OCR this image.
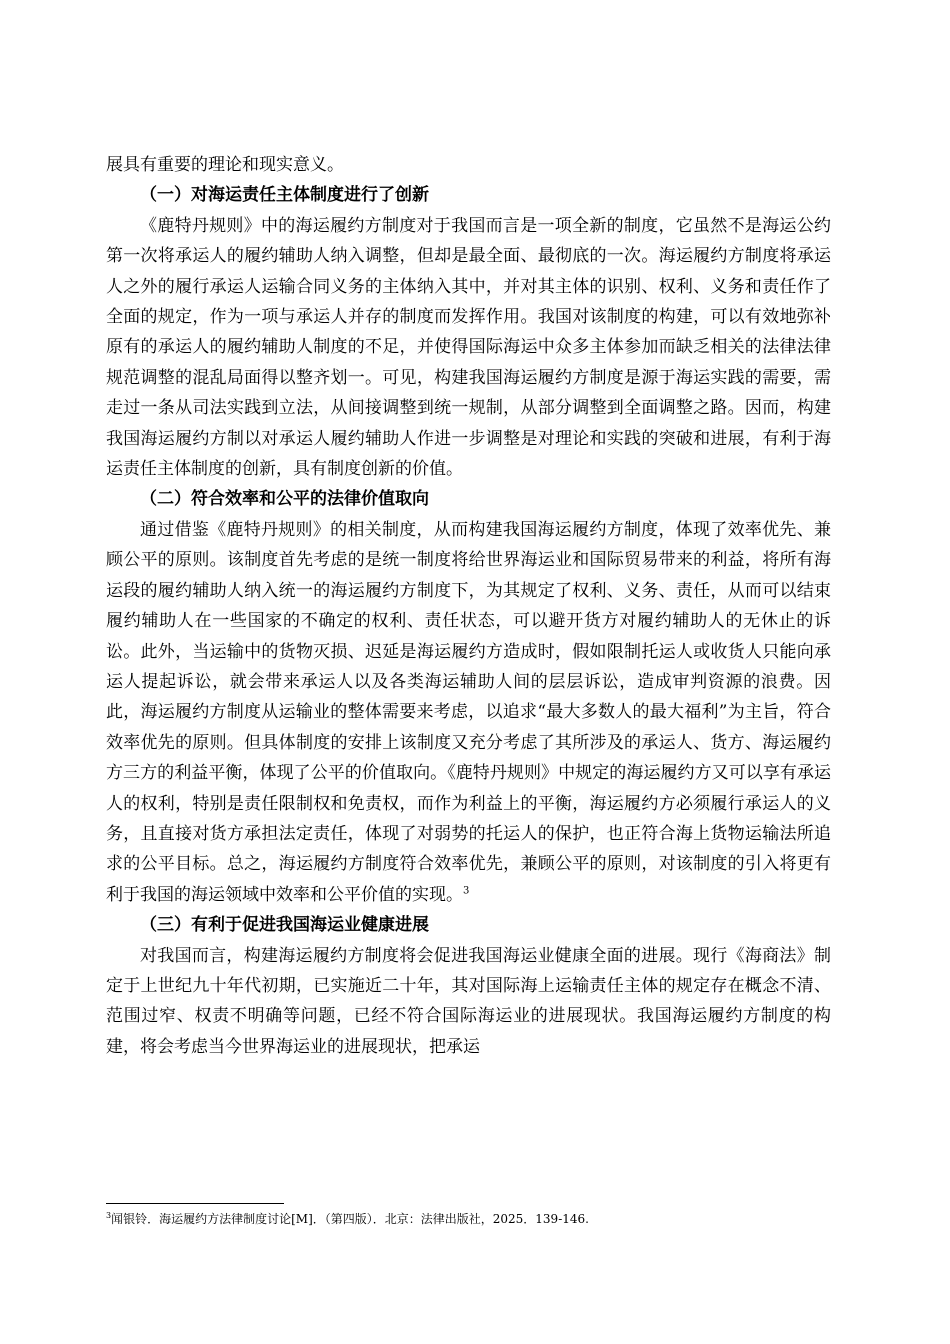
展具有重要的理论和现实意义。

（一）对海运责任主体制度进行了创新

《鹿特丹规则》中的海运履约方制度对于我国而言是一项全新的制度，它虽然不是海运公约第一次将承运人的履约辅助人纳入调整，但却是最全面、最彻底的一次。海运履约方制度将承运人之外的履行承运人运输合同义务的主体纳入其中，并对其主体的识别、权利、义务和责任作了全面的规定，作为一项与承运人并存的制度而发挥作用。我国对该制度的构建，可以有效地弥补原有的承运人的履约辅助人制度的不足，并使得国际海运中众多主体参加而缺乏相关的法律法律规范调整的混乱局面得以整齐划一。可见，构建我国海运履约方制度是源于海运实践的需要，需走过一条从司法实践到立法，从间接调整到统一规制，从部分调整到全面调整之路。因而，构建我国海运履约方制以对承运人履约辅助人作进一步调整是对理论和实践的突破和进展，有利于海运责任主体制度的创新，具有制度创新的价值。

（二）符合效率和公平的法律价值取向

通过借鉴《鹿特丹规则》的相关制度，从而构建我国海运履约方制度，体现了效率优先、兼顾公平的原则。该制度首先考虑的是统一制度将给世界海运业和国际贸易带来的利益，将所有海运段的履约辅助人纳入统一的海运履约方制度下，为其规定了权利、义务、责任，从而可以结束履约辅助人在一些国家的不确定的权利、责任状态，可以避开货方对履约辅助人的无休止的诉讼。此外，当运输中的货物灭损、迟延是海运履约方造成时，假如限制托运人或收货人只能向承运人提起诉讼，就会带来承运人以及各类海运辅助人间的层层诉讼，造成审判资源的浪费。因此，海运履约方制度从运输业的整体需要来考虑，以追求“最大多数人的最大福利”为主旨，符合效率优先的原则。但具体制度的安排上该制度又充分考虑了其所涉及的承运人、货方、海运履约方三方的利益平衡，体现了公平的价值取向。《鹿特丹规则》中规定的海运履约方又可以享有承运人的权利，特别是责任限制权和免责权，而作为利益上的平衡，海运履约方必须履行承运人的义务，且直接对货方承担法定责任，体现了对弱势的托运人的保护，也正符合海上货物运输法所追求的公平目标。总之，海运履约方制度符合效率优先，兼顾公平的原则，对该制度的引入将更有利于我国的海运领域中效率和公平价值的实现。$^3$

（三）有利于促进我国海运业健康进展

对我国而言，构建海运履约方制度将会促进我国海运业健康全面的进展。现行《海商法》制定于上世纪九十年代初期，已实施近二十年，其对国际海上运输责任主体的规定存在概念不清、范围过窄、权责不明确等问题，已经不符合国际海运业的进展现状。我国海运履约方制度的构建，将会考虑当今世界海运业的进展现状，把承运

$^3$闻银铃．海运履约方法律制度讨论[M]．（第四版）．北京：法律出版社，2025．139-146.
